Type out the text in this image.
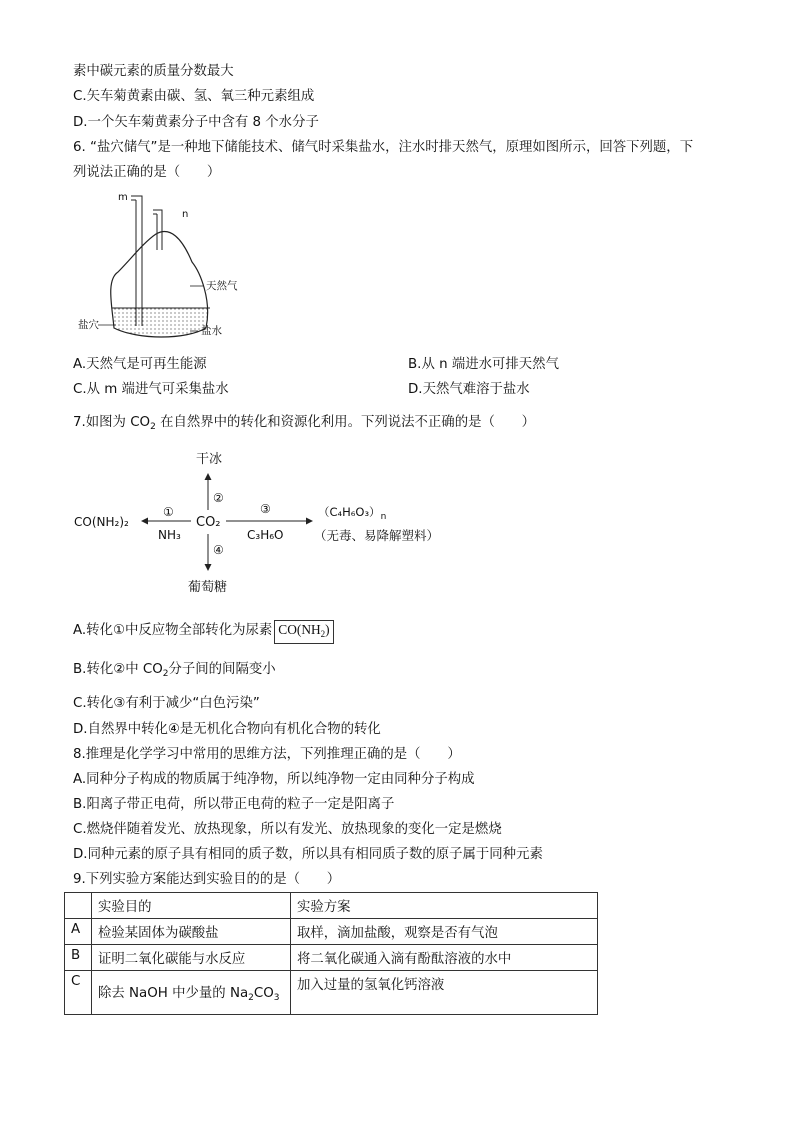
素中碳元素的质量分数最大
C.矢车菊黄素由碳、氢、氧三种元素组成
D.一个矢车菊黄素分子中含有 8 个水分子
6. “盐穴储气”是一种地下储能技术、储气时采集盐水，注水时排天然气，原理如图所示，回答下列题，下
列说法正确的是（　　）
m
n
天然气
盐穴	盐水
A.天然气是可再生能源	B.从 n 端进水可排天然气
C.从 m 端进气可采集盐水	D.天然气难溶于盐水
7.如图为 $CO_2$ 在自然界中的转化和资源化利用。下列说法不正确的是（　　）
干冰
②
CO₂
①
NH₃
CO(NH₂)₂
③
C₃H₆O
$(C_4H_6O_3)_n$
（无毒、易降解塑料）
④
葡萄糖
A.转化①中反应物全部转化为尿素 $CO(NH_2)$
B.转化②中 $CO_2$分子间的间隔变小
C.转化③有利于减少“白色污染”
D.自然界中转化④是无机化合物向有机化合物的转化
8.推理是化学学习中常用的思维方法，下列推理正确的是（　　）
A.同种分子构成的物质属于纯净物，所以纯净物一定由同种分子构成
B.阳离子带正电荷，所以带正电荷的粒子一定是阳离子
C.燃烧伴随着发光、放热现象，所以有发光、放热现象的变化一定是燃烧
D.同种元素的原子具有相同的质子数，所以具有相同质子数的原子属于同种元素
9.下列实验方案能达到实验目的的是（　　）
	实验目的	实验方案
A	检验某固体为碳酸盐	取样，滴加盐酸，观察是否有气泡
B	证明二氧化碳能与水反应	将二氧化碳通入滴有酚酞溶液的水中
C	除去 NaOH 中少量的 $Na_2CO_3$	加入过量的氢氧化钙溶液
